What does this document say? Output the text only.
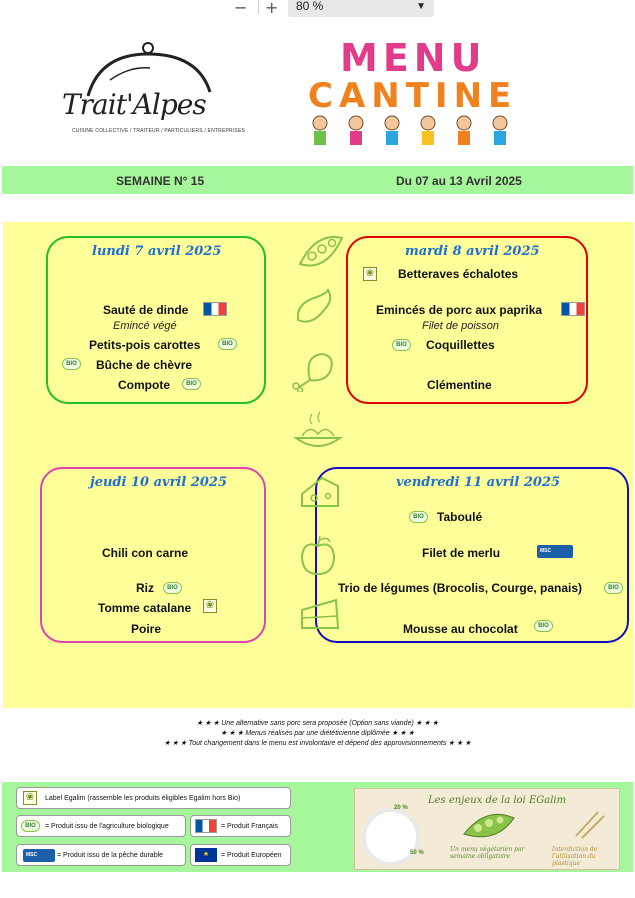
− +	80 %	▼
Trait'Alpes
CUISINE COLLECTIVE / TRAITEUR / PARTICULIERS / ENTREPRISES
MENU
CANTINE
SEMAINE N° 15	Du 07 au 13 Avril 2025
lundi 7 avril 2025
Sauté de dinde
Emincé végé
Petits-pois carottes	BIO
BIO	Bûche de chèvre
Compote	BIO
mardi 8 avril 2025
❀ Betteraves échalotes
Emincés de porc aux paprika
Filet de poisson
BIO	Coquillettes
Clémentine
jeudi 10 avril 2025
Chili con carne
Riz	BIO
Tomme catalane ❀
Poire
vendredi 11 avril 2025
BIO	Taboulé
Filet de merlu	MSC
Trio de légumes (Brocolis, Courge, panais)	BIO
Mousse au chocolat	BIO
★ ★ ★ Une alternative sans porc sera proposée (Option sans viande) ★ ★ ★
★ ★ ★ Menus réalisés par une diététicienne diplômée ★ ★ ★
★ ★ ★ Tout changement dans le menu est involontaire et dépend des approvisionnements ★ ★ ★
❀	Label Egalim (rassemble les produits éligibles Egalim hors Bio)
BIO	= Produit issu de l'agriculture biologique	= Produit Français
MSC	= Produit issu de la pêche durable	★	= Produit Européen
Les enjeux de la loi EGalim
20 %
50 %	Un menu végétarien par semaine obligatoire
Interdiction de l'utilisation du plastique
